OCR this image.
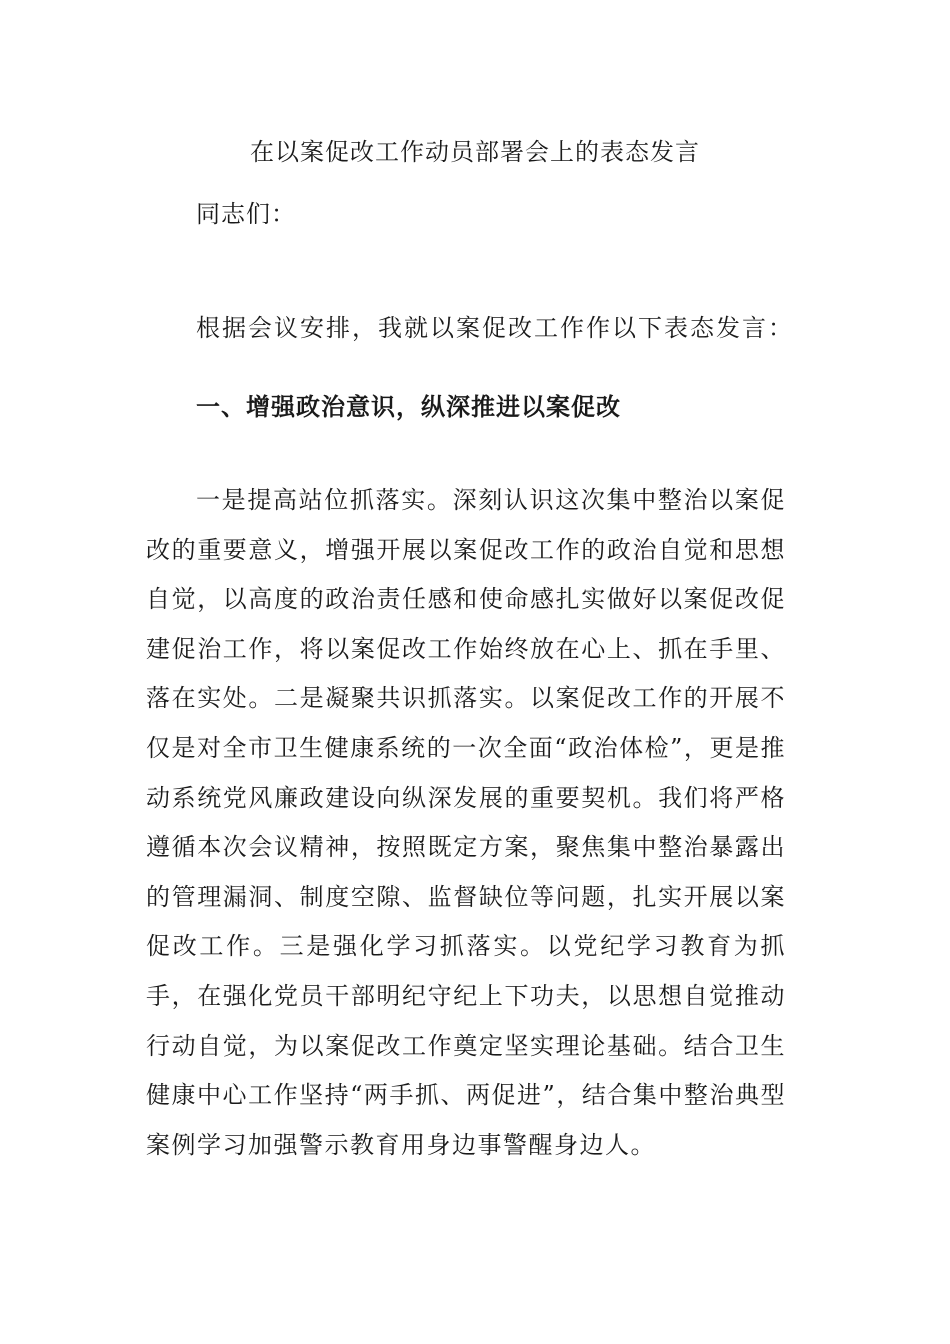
在以案促改工作动员部署会上的表态发言
同志们：
根据会议安排，我就以案促改工作作以下表态发言：
一、增强政治意识，纵深推进以案促改
一是提高站位抓落实。深刻认识这次集中整治以案促改的重要意义，增强开展以案促改工作的政治自觉和思想自觉，以高度的政治责任感和使命感扎实做好以案促改促建促治工作，将以案促改工作始终放在心上、抓在手里、落在实处。二是凝聚共识抓落实。以案促改工作的开展不仅是对全市卫生健康系统的一次全面“政治体检”，更是推动系统党风廉政建设向纵深发展的重要契机。我们将严格遵循本次会议精神，按照既定方案，聚焦集中整治暴露出的管理漏洞、制度空隙、监督缺位等问题，扎实开展以案促改工作。三是强化学习抓落实。以党纪学习教育为抓手，在强化党员干部明纪守纪上下功夫，以思想自觉推动行动自觉，为以案促改工作奠定坚实理论基础。结合卫生健康中心工作坚持“两手抓、两促进”，结合集中整治典型案例学习加强警示教育用身边事警醒身边人。
